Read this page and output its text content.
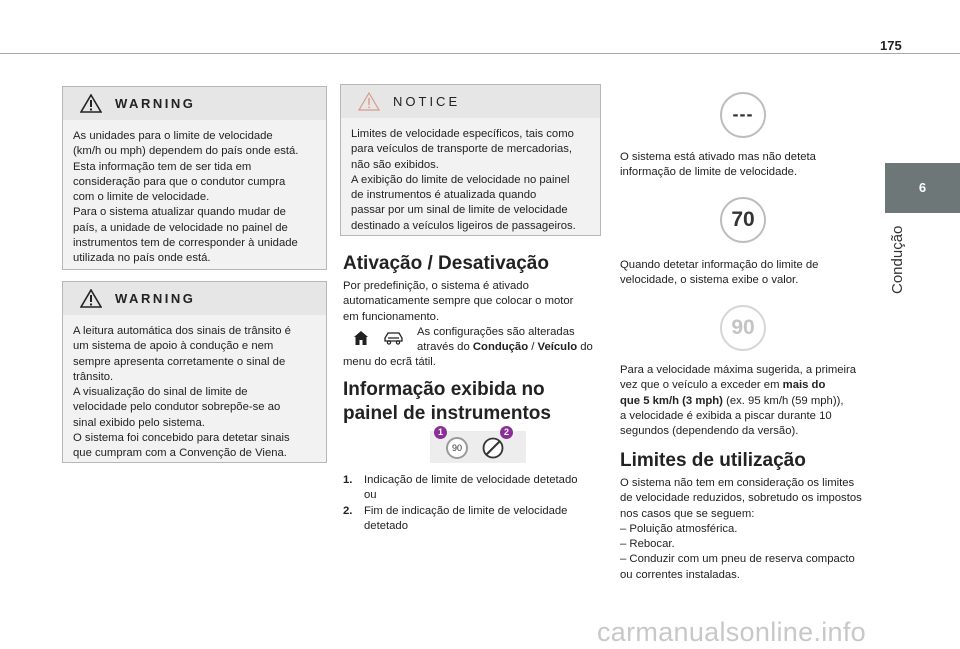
175
6
Condução
WARNING

As unidades para o limite de velocidade

(km/h ou mph) dependem do país onde está.

Esta informação tem de ser tida em

consideração para que o condutor cumpra

com o limite de velocidade.

Para o sistema atualizar quando mudar de

país, a unidade de velocidade no painel de

instrumentos tem de corresponder à unidade

utilizada no país onde está.

WARNING

A leitura automática dos sinais de trânsito é

um sistema de apoio à condução e nem

sempre apresenta corretamente o sinal de

trânsito.

A visualização do sinal de limite de

velocidade pelo condutor sobrepõe-se ao

sinal exibido pelo sistema.

O sistema foi concebido para detetar sinais

que cumpram com a Convenção de Viena.

NOTICE

Limites de velocidade específicos, tais como

para veículos de transporte de mercadorias,

não são exibidos.

A exibição do limite de velocidade no painel

de instrumentos é atualizada quando

passar por um sinal de limite de velocidade

destinado a veículos ligeiros de passageiros.

Ativação / Desativação

Por predefinição, o sistema é ativado

automaticamente sempre que colocar o motor

em funcionamento.

As configurações são alteradas

através do Condução / Veículo do

menu do ecrã tátil.

Informação exibida no
painel de instrumentos
90
1	2
1. Indicação de limite de velocidade detetado

ou

2. Fim de indicação de limite de velocidade

detetado

---

O sistema está ativado mas não deteta

informação de limite de velocidade.

70

Quando detetar informação do limite de

velocidade, o sistema exibe o valor.

90

Para a velocidade máxima sugerida, a primeira

vez que o veículo a exceder em mais do

que 5 km/h (3 mph) (ex. 95 km/h (59 mph)),

a velocidade é exibida a piscar durante 10

segundos (dependendo da versão).

Limites de utilização

O sistema não tem em consideração os limites

de velocidade reduzidos, sobretudo os impostos

nos casos que se seguem:

– Poluição atmosférica.

– Rebocar.

– Conduzir com um pneu de reserva compacto

ou correntes instaladas.

carmanualsonline.info
